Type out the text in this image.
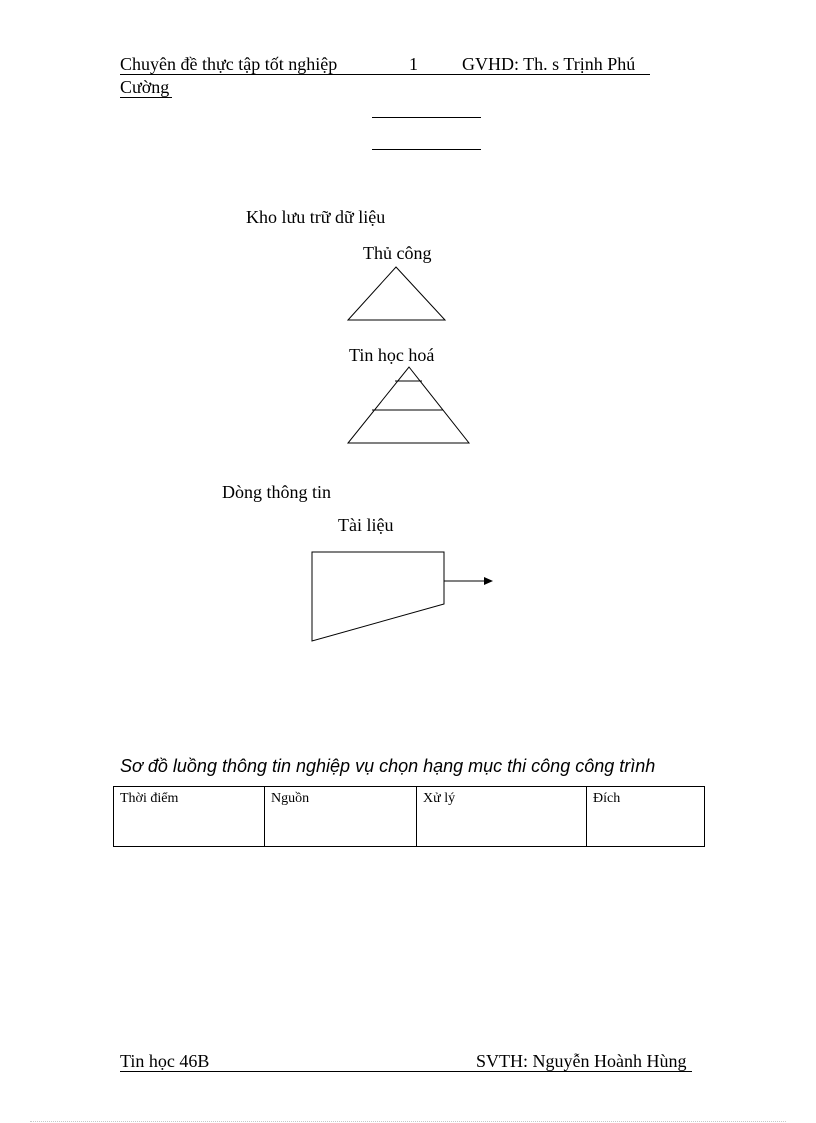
Chuyên đề thực tập tốt nghiệp	1 GVHD: Th. s Trịnh Phú
Cường
Kho lưu trữ dữ liệu
Thủ công
Tin học hoá
Dòng thông tin
Tài liệu
Sơ đồ luồng thông tin nghiệp vụ chọn hạng mục thi công công trình
Thời điểm	Nguồn	Xử lý	Đích
Tin học 46B	SVTH: Nguyễn Hoành Hùng
